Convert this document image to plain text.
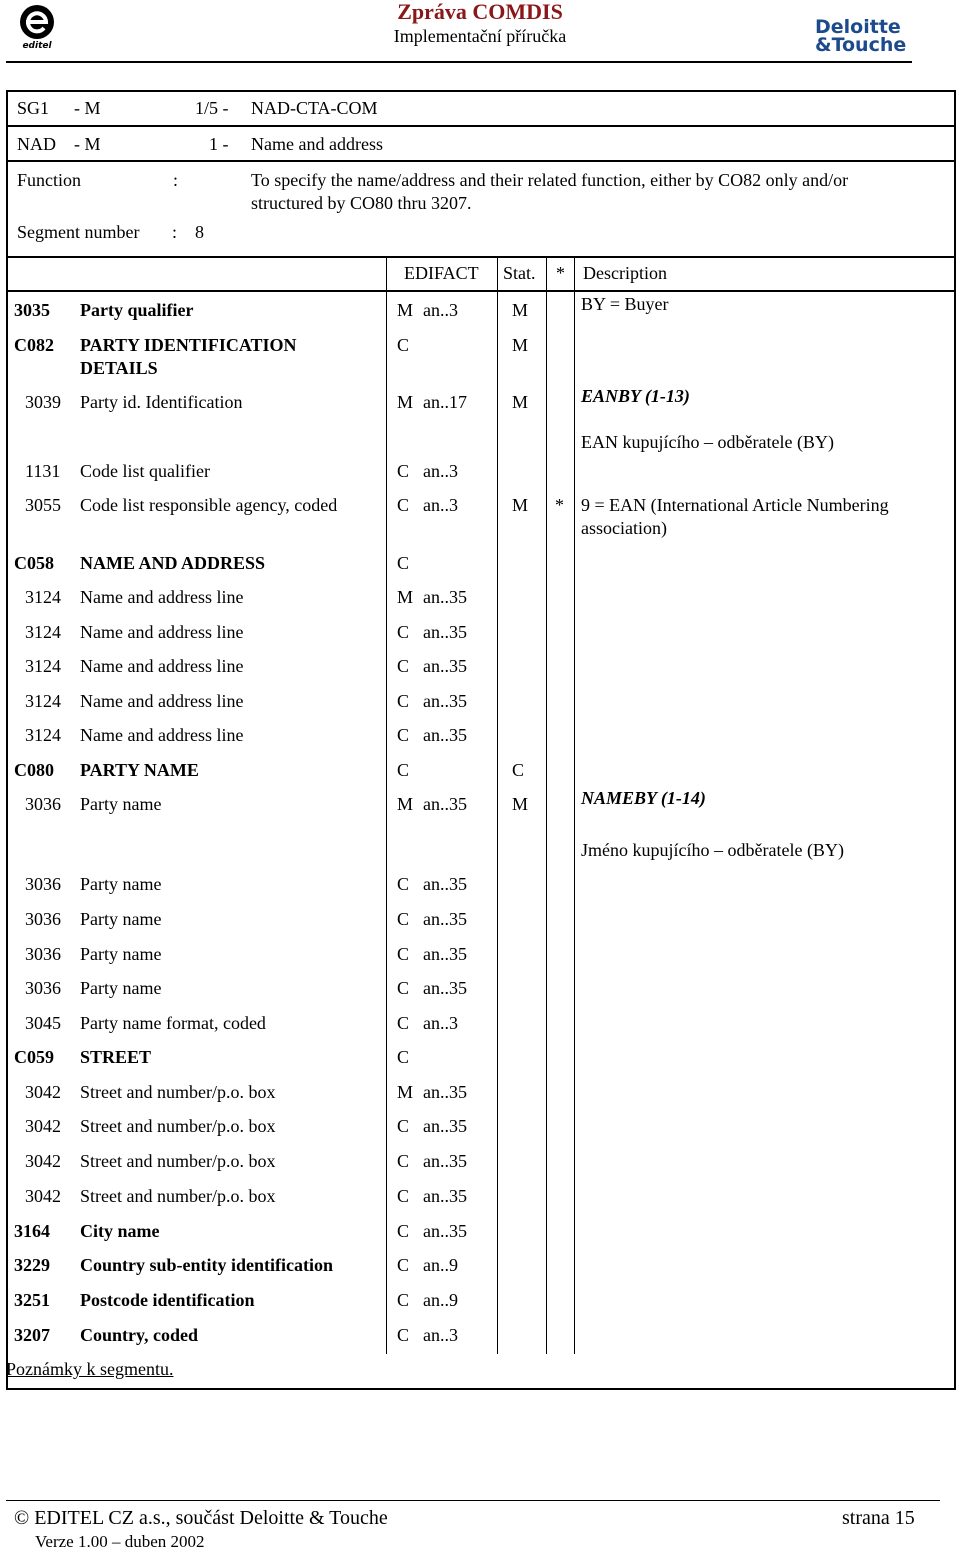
editel
Zpráva COMDIS
Implementační příručka	Deloitte
&Touche
SG1 - M	1/5 - NAD-CTA-COM
NAD - M	1 - Name and address
Function	:	To specify the name/address and their related function, either by CO82 only and/or
structured by CO80 thru 3207.
Segment number : 8
EDIFACT Stat. * Description
3035 Party qualifier	M an..3	M	BY = Buyer
C082 PARTY IDENTIFICATION	C	M
DETAILS
3039 Party id. Identification	M an..17	M	EANBY (1-13)
EAN kupujícího – odběratele (BY)
1131 Code list qualifier	C an..3
3055 Code list responsible agency, coded	C an..3	M * 9 = EAN (International Article Numbering
association)
C058 NAME AND ADDRESS	C
3124 Name and address line	M an..35
3124 Name and address line	C an..35
3124 Name and address line	C an..35
3124 Name and address line	C an..35
3124 Name and address line	C an..35
C080 PARTY NAME	C	C
3036 Party name	M an..35	M	NAMEBY (1-14)
Jméno kupujícího – odběratele (BY)
3036 Party name	C an..35
3036 Party name	C an..35
3036 Party name	C an..35
3036 Party name	C an..35
3045 Party name format, coded	C an..3
C059 STREET	C
3042 Street and number/p.o. box	M an..35
3042 Street and number/p.o. box	C an..35
3042 Street and number/p.o. box	C an..35
3042 Street and number/p.o. box	C an..35
3164 City name	C an..35
3229 Country sub-entity identification	C an..9
3251 Postcode identification	C an..9
3207 Country, coded	C an..3
Poznámky k segmentu.
© EDITEL CZ a.s., součást Deloitte & Touche	strana 15
Verze 1.00 – duben 2002
